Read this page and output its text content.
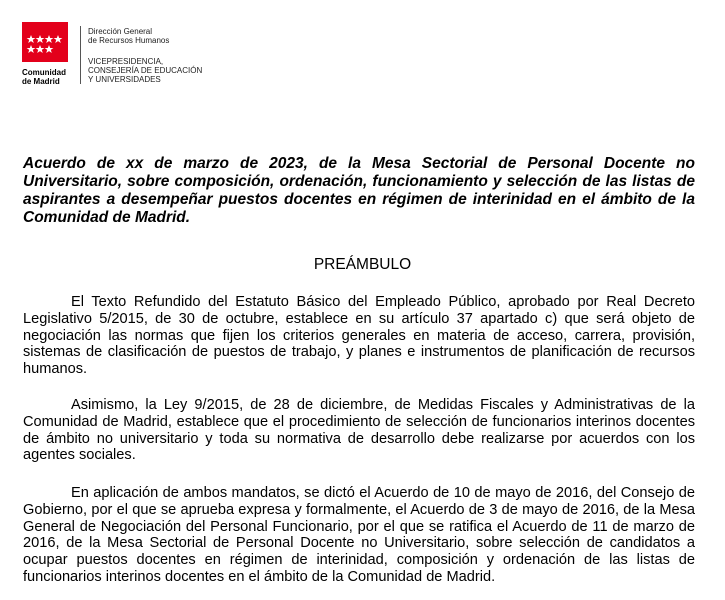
Comunidad
de Madrid
Dirección General
de Recursos Humanos
VICEPRESIDENCIA,
CONSEJERÍA DE EDUCACIÓN
Y UNIVERSIDADES
Acuerdo de xx de marzo de 2023, de la Mesa Sectorial de Personal Docente no Universitario, sobre composición, ordenación, funcionamiento y selección de las listas de aspirantes a desempeñar puestos docentes en régimen de interinidad en el ámbito de la Comunidad de Madrid.
PREÁMBULO
El Texto Refundido del Estatuto Básico del Empleado Público, aprobado por Real Decreto Legislativo 5/2015, de 30 de octubre, establece en su artículo 37 apartado c) que será objeto de negociación las normas que fijen los criterios generales en materia de acceso, carrera, provisión, sistemas de clasificación de puestos de trabajo, y planes e instrumentos de planificación de recursos humanos.
Asimismo, la Ley 9/2015, de 28 de diciembre, de Medidas Fiscales y Administrativas de la Comunidad de Madrid, establece que el procedimiento de selección de funcionarios interinos docentes de ámbito no universitario y toda su normativa de desarrollo debe realizarse por acuerdos con los agentes sociales.
En aplicación de ambos mandatos, se dictó el Acuerdo de 10 de mayo de 2016, del Consejo de Gobierno, por el que se aprueba expresa y formalmente, el Acuerdo de 3 de mayo de 2016, de la Mesa General de Negociación del Personal Funcionario, por el que se ratifica el Acuerdo de 11 de marzo de 2016, de la Mesa Sectorial de Personal Docente no Universitario, sobre selección de candidatos a ocupar puestos docentes en régimen de interinidad, composición y ordenación de las listas de funcionarios interinos docentes en el ámbito de la Comunidad de Madrid.
